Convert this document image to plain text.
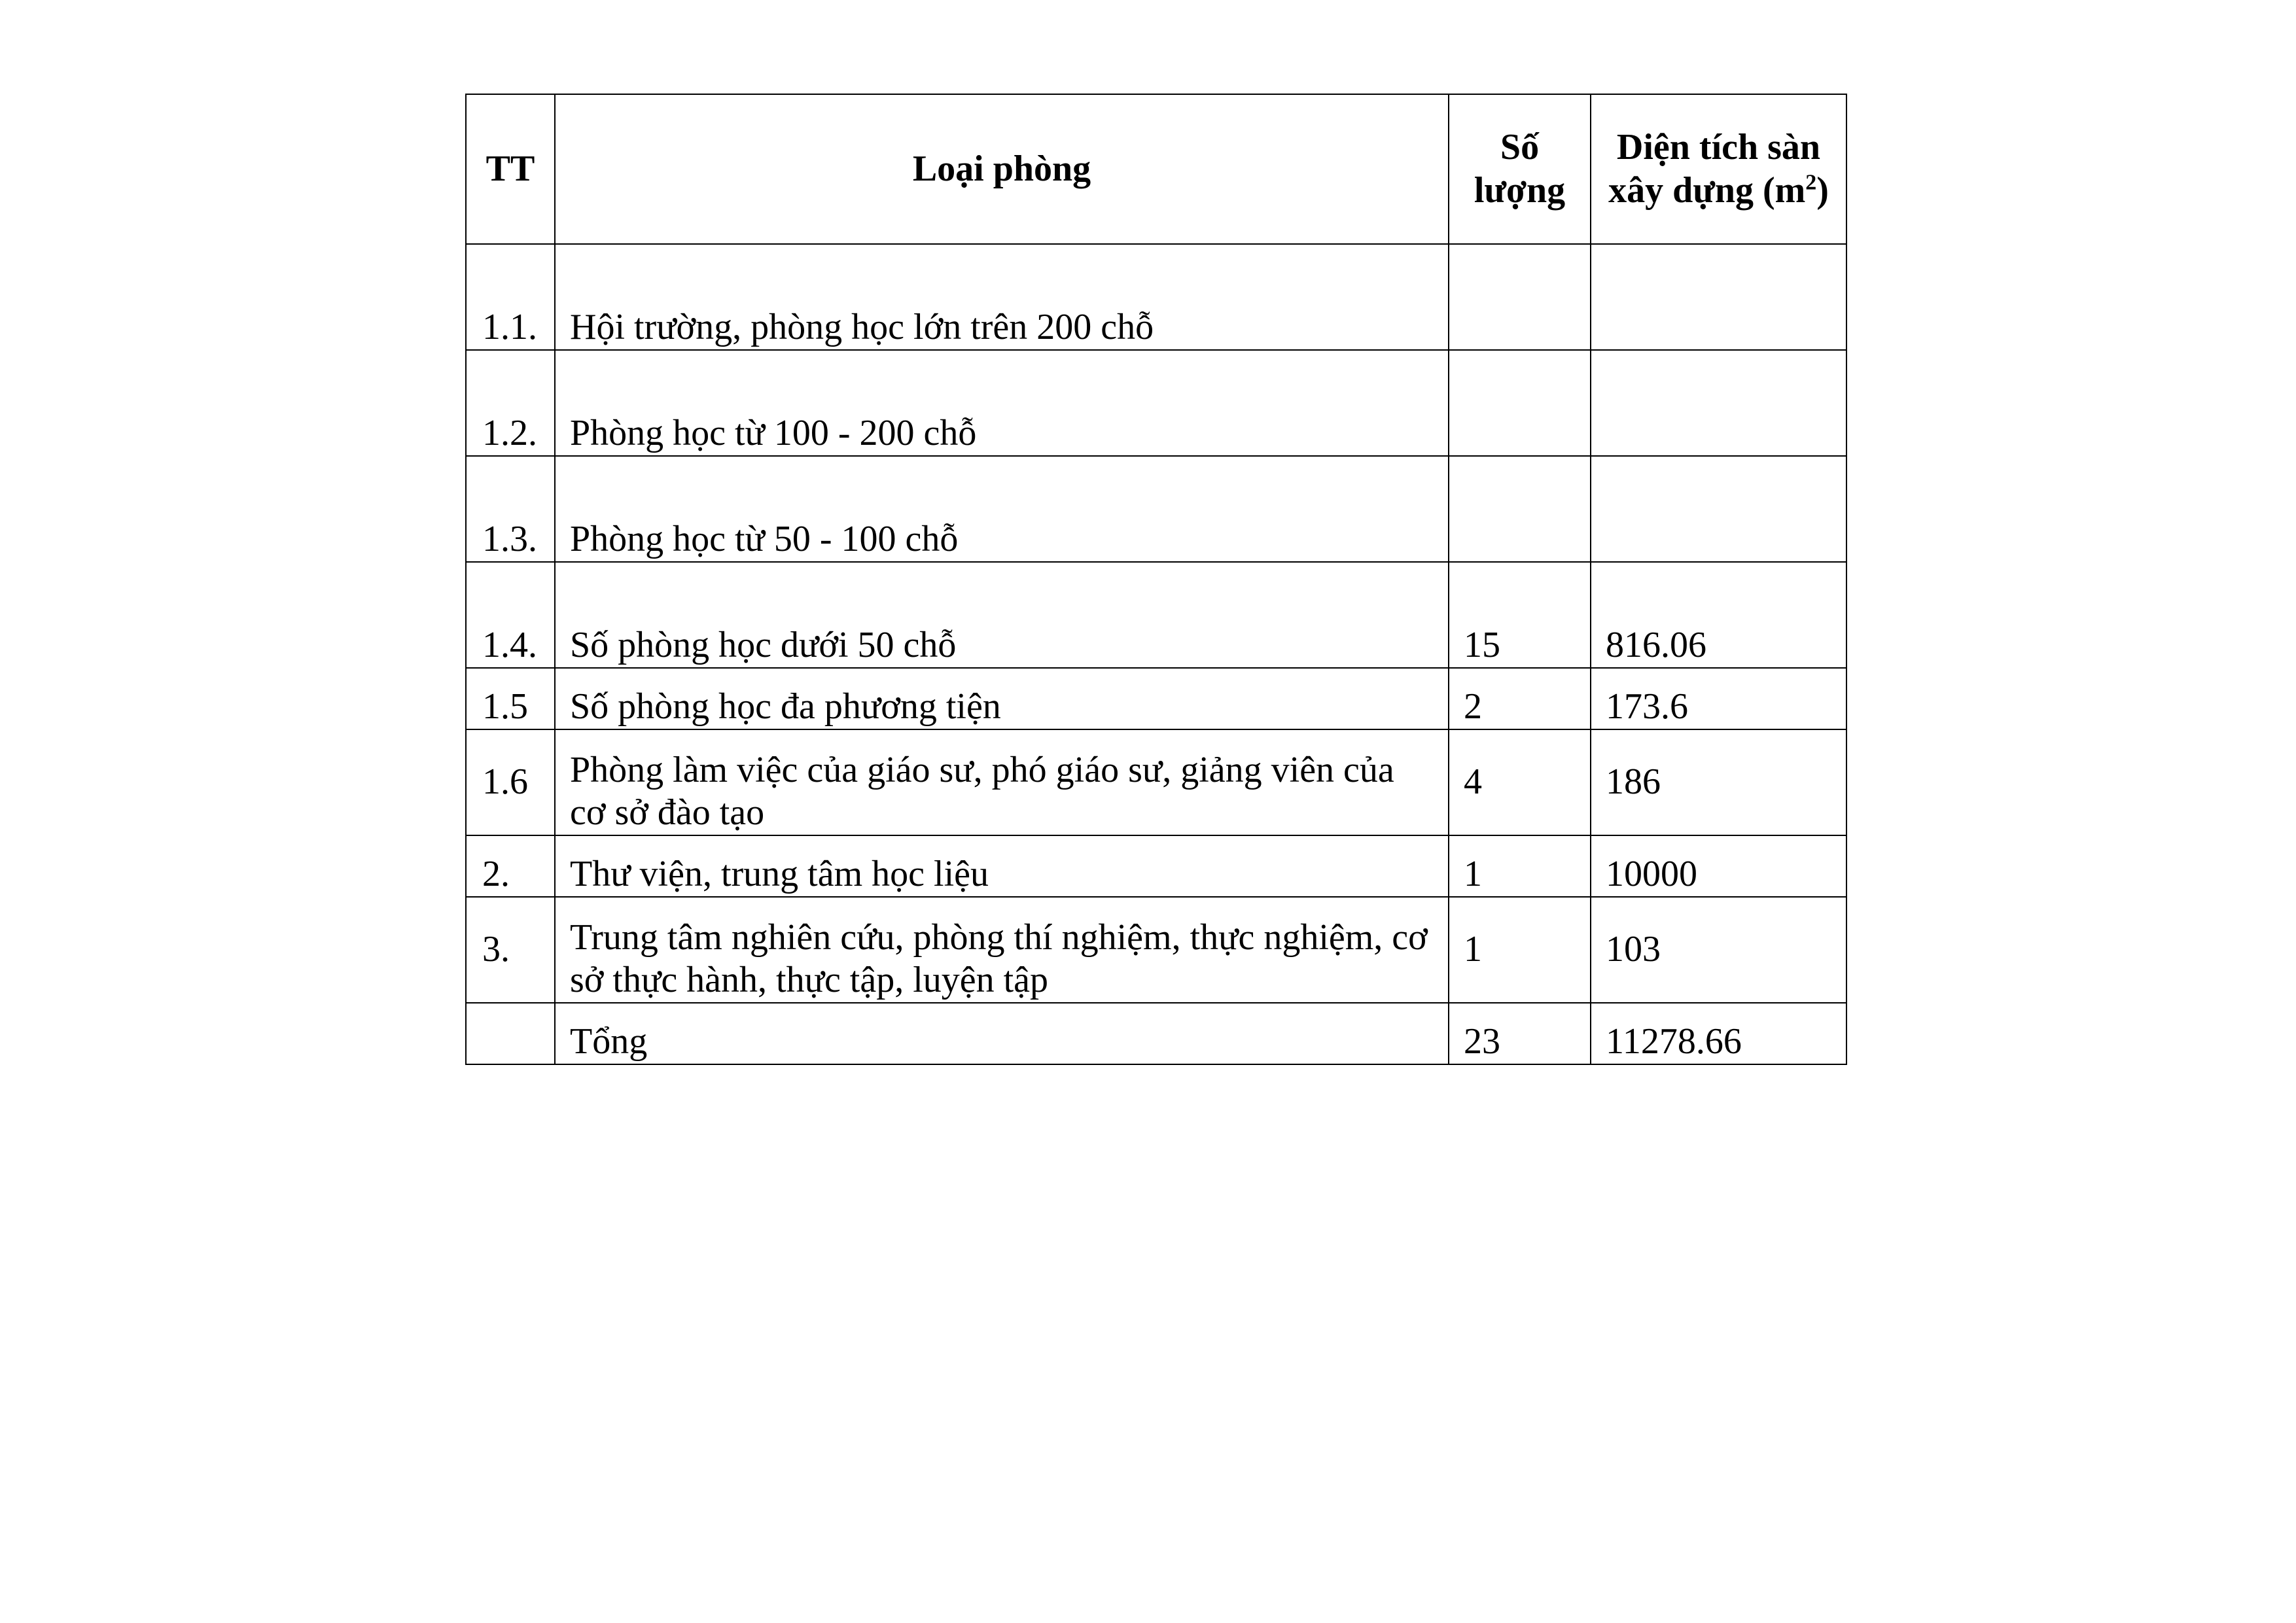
TT	Loại phòng	Số lượng	Diện tích sàn xây dựng $(m^2)$
1.1.	Hội trường, phòng học lớn trên 200 chỗ		
1.2.	Phòng học từ 100 - 200 chỗ		
1.3.	Phòng học từ 50 - 100 chỗ		
1.4.	Số phòng học dưới 50 chỗ	15	816.06
1.5	Số phòng học đa phương tiện	2	173.6
1.6	Phòng làm việc của giáo sư, phó giáo sư, giảng viên của cơ sở đào tạo	4	186
2.	Thư viện, trung tâm học liệu	1	10000
3.	Trung tâm nghiên cứu, phòng thí nghiệm, thực nghiệm, cơ sở thực hành, thực tập, luyện tập	1	103
	Tổng	23	11278.66
